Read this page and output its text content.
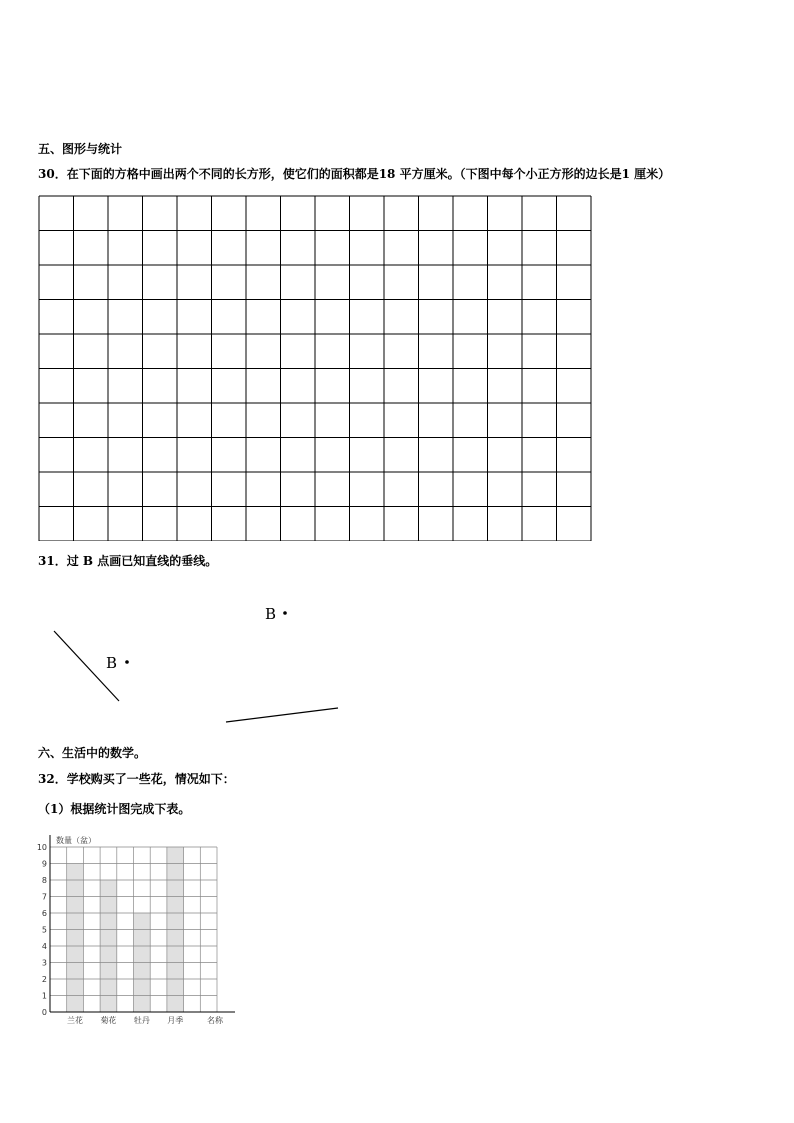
五、图形与统计
30．在下面的方格中画出两个不同的长方形，使它们的面积都是18 平方厘米。（下图中每个小正方形的边长是1 厘米）
31．过 B 点画已知直线的垂线。
B
B
六、生活中的数学。
32．学校购买了一些花，情况如下：
（1）根据统计图完成下表。
0
1
2
3
4
5
6
7
8
9
10
数量（盆）
兰花 菊花 牡丹 月季	名称
